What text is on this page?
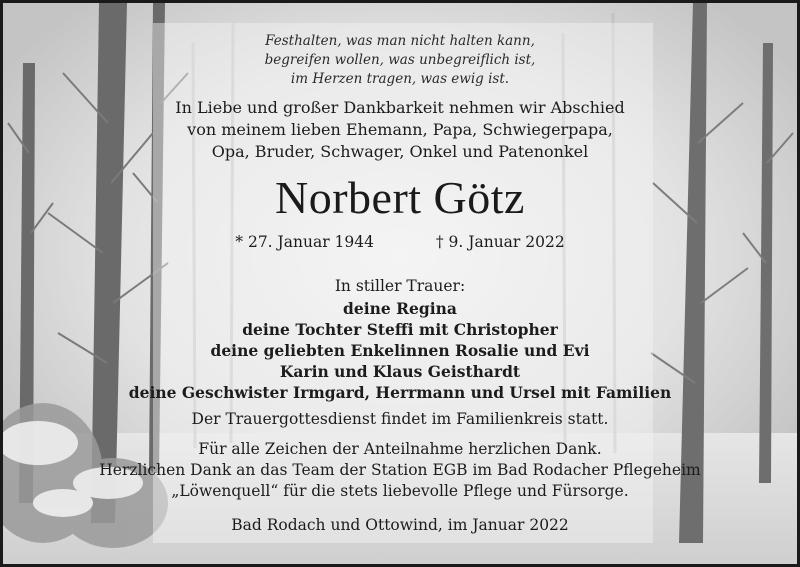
Festhalten, was man nicht halten kann,
begreifen wollen, was unbegreiflich ist,
im Herzen tragen, was ewig ist.
In Liebe und großer Dankbarkeit nehmen wir Abschied
von meinem lieben Ehemann, Papa, Schwiegerpapa,
Opa, Bruder, Schwager, Onkel und Patenonkel
Norbert Götz
* 27. Januar 1944	† 9. Januar 2022
In stiller Trauer:
deine Regina
deine Tochter Steffi mit Christopher
deine geliebten Enkelinnen Rosalie und Evi
Karin und Klaus Geisthardt
deine Geschwister Irmgard, Herrmann und Ursel mit Familien
Der Trauergottesdienst findet im Familienkreis statt.
Für alle Zeichen der Anteilnahme herzlichen Dank.
Herzlichen Dank an das Team der Station EGB im Bad Rodacher Pflegeheim
„Löwenquell“ für die stets liebevolle Pflege und Fürsorge.
Bad Rodach und Ottowind, im Januar 2022
